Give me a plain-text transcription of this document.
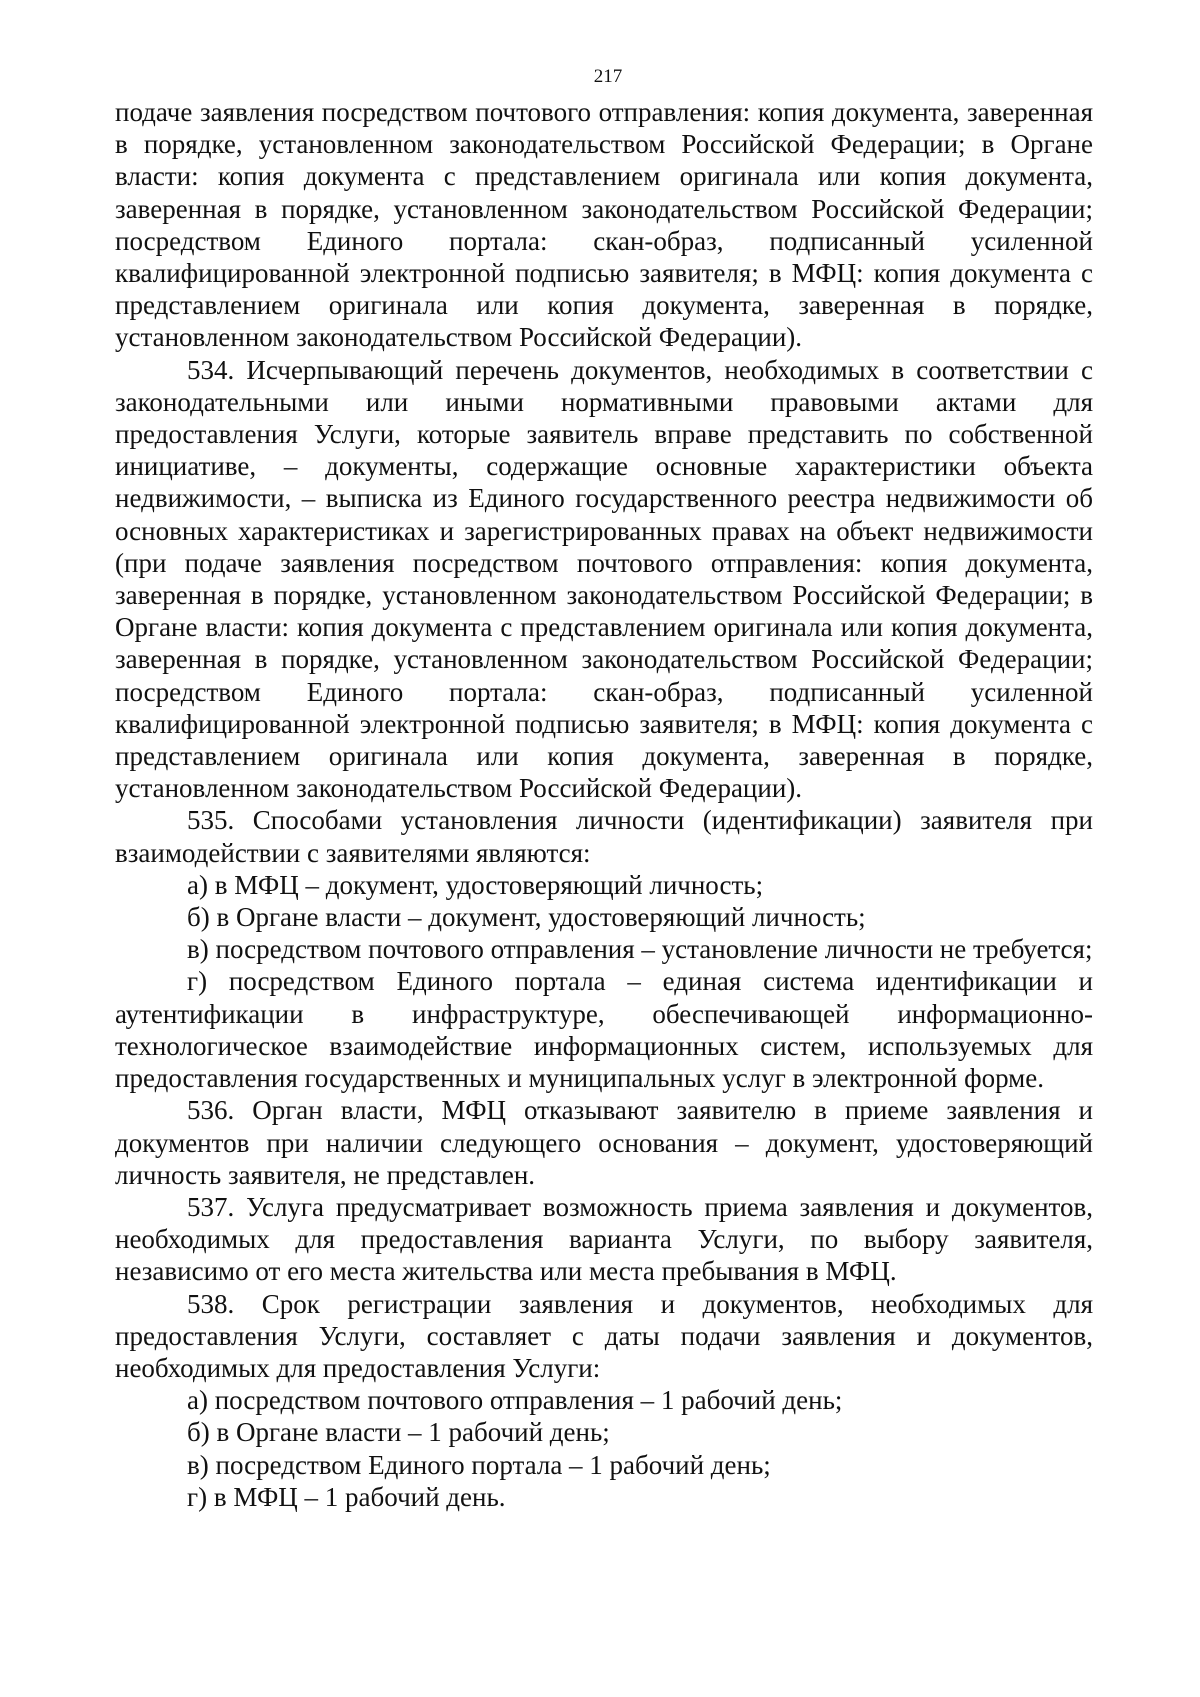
217

подаче заявления посредством почтового отправления: копия документа, заверенная в порядке, установленном законодательством Российской Федерации; в Органе власти: копия документа с представлением оригинала или копия документа, заверенная в порядке, установленном законодательством Российской Федерации; посредством Единого портала: скан-образ, подписанный усиленной квалифицированной электронной подписью заявителя; в МФЦ: копия документа с представлением оригинала или копия документа, заверенная в порядке, установленном законодательством Российской Федерации).

534. Исчерпывающий перечень документов, необходимых в соответствии с законодательными или иными нормативными правовыми актами для предоставления Услуги, которые заявитель вправе представить по собственной инициативе, – документы, содержащие основные характеристики объекта недвижимости, – выписка из Единого государственного реестра недвижимости об основных характеристиках и зарегистрированных правах на объект недвижимости (при подаче заявления посредством почтового отправления: копия документа, заверенная в порядке, установленном законодательством Российской Федерации; в Органе власти: копия документа с представлением оригинала или копия документа, заверенная в порядке, установленном законодательством Российской Федерации; посредством Единого портала: скан-образ, подписанный усиленной квалифицированной электронной подписью заявителя; в МФЦ: копия документа с представлением оригинала или копия документа, заверенная в порядке, установленном законодательством Российской Федерации).

535. Способами установления личности (идентификации) заявителя при взаимодействии с заявителями являются:

а) в МФЦ – документ, удостоверяющий личность;

б) в Органе власти – документ, удостоверяющий личность;

в) посредством почтового отправления – установление личности не требуется;

г) посредством Единого портала – единая система идентификации и аутентификации в инфраструктуре, обеспечивающей информационно-технологическое взаимодействие информационных систем, используемых для предоставления государственных и муниципальных услуг в электронной форме.

536. Орган власти, МФЦ отказывают заявителю в приеме заявления и документов при наличии следующего основания – документ, удостоверяющий личность заявителя, не представлен.

537. Услуга предусматривает возможность приема заявления и документов, необходимых для предоставления варианта Услуги, по выбору заявителя, независимо от его места жительства или места пребывания в МФЦ.

538. Срок регистрации заявления и документов, необходимых для предоставления Услуги, составляет с даты подачи заявления и документов, необходимых для предоставления Услуги:

а) посредством почтового отправления – 1 рабочий день;

б) в Органе власти – 1 рабочий день;

в) посредством Единого портала – 1 рабочий день;

г) в МФЦ – 1 рабочий день.
